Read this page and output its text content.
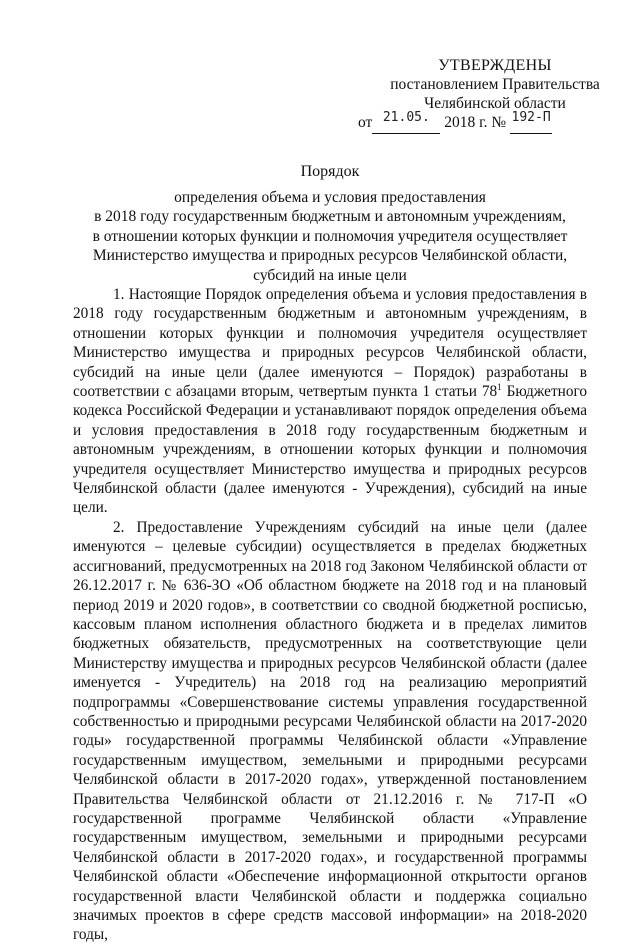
УТВЕРЖДЕНЫ
постановлением Правительства
Челябинской области
от $^{21.05.}$ 2018 г. № $^{192-П}$
Порядок
определения объема и условия предоставления
в 2018 году государственным бюджетным и автономным учреждениям,
в отношении которых функции и полномочия учредителя осуществляет
Министерство имущества и природных ресурсов Челябинской области,
субсидий на иные цели

1. Настоящие Порядок определения объема и условия предоставления в 2018 году государственным бюджетным и автономным учреждениям, в отношении которых функции и полномочия учредителя осуществляет Министерство имущества и природных ресурсов Челябинской области, субсидий на иные цели (далее именуются – Порядок) разработаны в соответствии с абзацами вторым, четвертым пункта 1 статьи $78^1$ Бюджетного кодекса Российской Федерации и устанавливают порядок определения объема и условия предоставления в 2018 году государственным бюджетным и автономным учреждениям, в отношении которых функции и полномочия учредителя осуществляет Министерство имущества и природных ресурсов Челябинской области (далее именуются - Учреждения), субсидий на иные цели.

2. Предоставление Учреждениям субсидий на иные цели (далее именуются – целевые субсидии) осуществляется в пределах бюджетных ассигнований, предусмотренных на 2018 год Законом Челябинской области от 26.12.2017 г. № 636-ЗО «Об областном бюджете на 2018 год и на плановый период 2019 и 2020 годов», в соответствии со сводной бюджетной росписью, кассовым планом исполнения областного бюджета и в пределах лимитов бюджетных обязательств, предусмотренных на соответствующие цели Министерству имущества и природных ресурсов Челябинской области (далее именуется - Учредитель) на 2018 год на реализацию мероприятий подпрограммы «Совершенствование системы управления государственной собственностью и природными ресурсами Челябинской области на 2017-2020 годы» государственной программы Челябинской области «Управление государственным имуществом, земельными и природными ресурсами Челябинской области в 2017-2020 годах», утвержденной постановлением Правительства Челябинской области от 21.12.2016 г. № 717-П «О государственной программе Челябинской области «Управление государственным имуществом, земельными и природными ресурсами Челябинской области в 2017-2020 годах», и государственной программы Челябинской области «Обеспечение информационной открытости органов государственной власти Челябинской области и поддержка социально значимых проектов в сфере средств массовой информации» на 2018-2020 годы,
